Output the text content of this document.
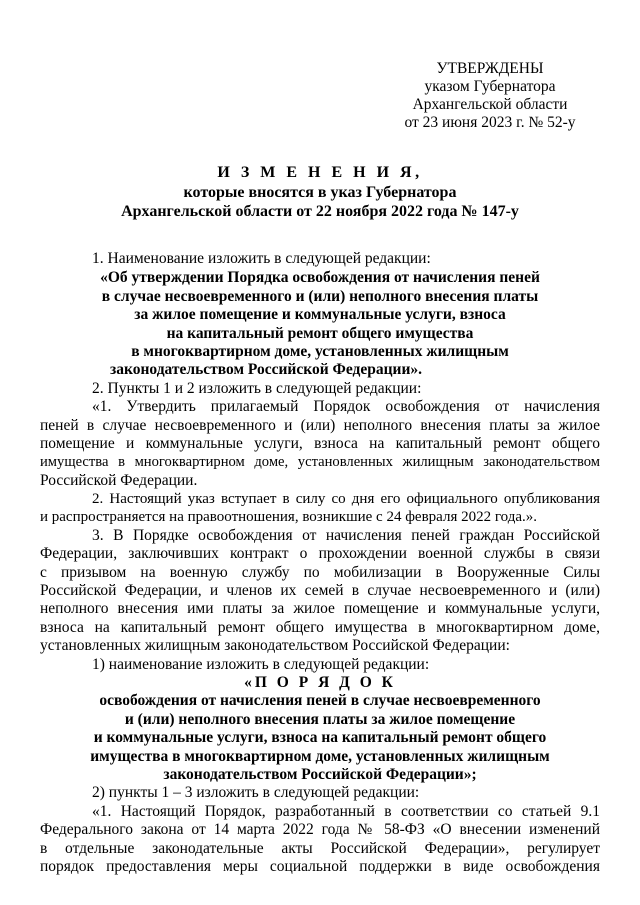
УТВЕРЖДЕНЫ
указом Губернатора
Архангельской области
от 23 июня 2023 г. № 52-у
И З М Е Н Е Н И Я,
которые вносятся в указ Губернатора
Архангельской области от 22 ноября 2022 года № 147-у
1. Наименование изложить в следующей редакции:
«Об утверждении Порядка освобождения от начисления пеней
в случае несвоевременного и (или) неполного внесения платы
за жилое помещение и коммунальные услуги, взноса
на капитальный ремонт общего имущества
в многоквартирном доме, установленных жилищным
законодательством Российской Федерации».
2. Пункты 1 и 2 изложить в следующей редакции:
«1. Утвердить прилагаемый Порядок освобождения от начисления
пеней в случае несвоевременного и (или) неполного внесения платы за жилое
помещение и коммунальные услуги, взноса на капитальный ремонт общего
имущества в многоквартирном доме, установленных жилищным законодательством
Российской Федерации.
2. Настоящий указ вступает в силу со дня его официального опубликования
и распространяется на правоотношения, возникшие с 24 февраля 2022 года.».
3. В Порядке освобождения от начисления пеней граждан Российской
Федерации, заключивших контракт о прохождении военной службы в связи
с призывом на военную службу по мобилизации в Вооруженные Силы
Российской Федерации, и членов их семей в случае несвоевременного и (или)
неполного внесения ими платы за жилое помещение и коммунальные услуги,
взноса на капитальный ремонт общего имущества в многоквартирном доме,
установленных жилищным законодательством Российской Федерации:
1) наименование изложить в следующей редакции:
«П О Р Я Д О К
освобождения от начисления пеней в случае несвоевременного
и (или) неполного внесения платы за жилое помещение
и коммунальные услуги, взноса на капитальный ремонт общего
имущества в многоквартирном доме, установленных жилищным
законодательством Российской Федерации»;
2) пункты 1 – 3 изложить в следующей редакции:
«1. Настоящий Порядок, разработанный в соответствии со статьей 9.1
Федерального закона от 14 марта 2022 года № 58-ФЗ «О внесении изменений
в отдельные законодательные акты Российской Федерации», регулирует
порядок предоставления меры социальной поддержки в виде освобождения
